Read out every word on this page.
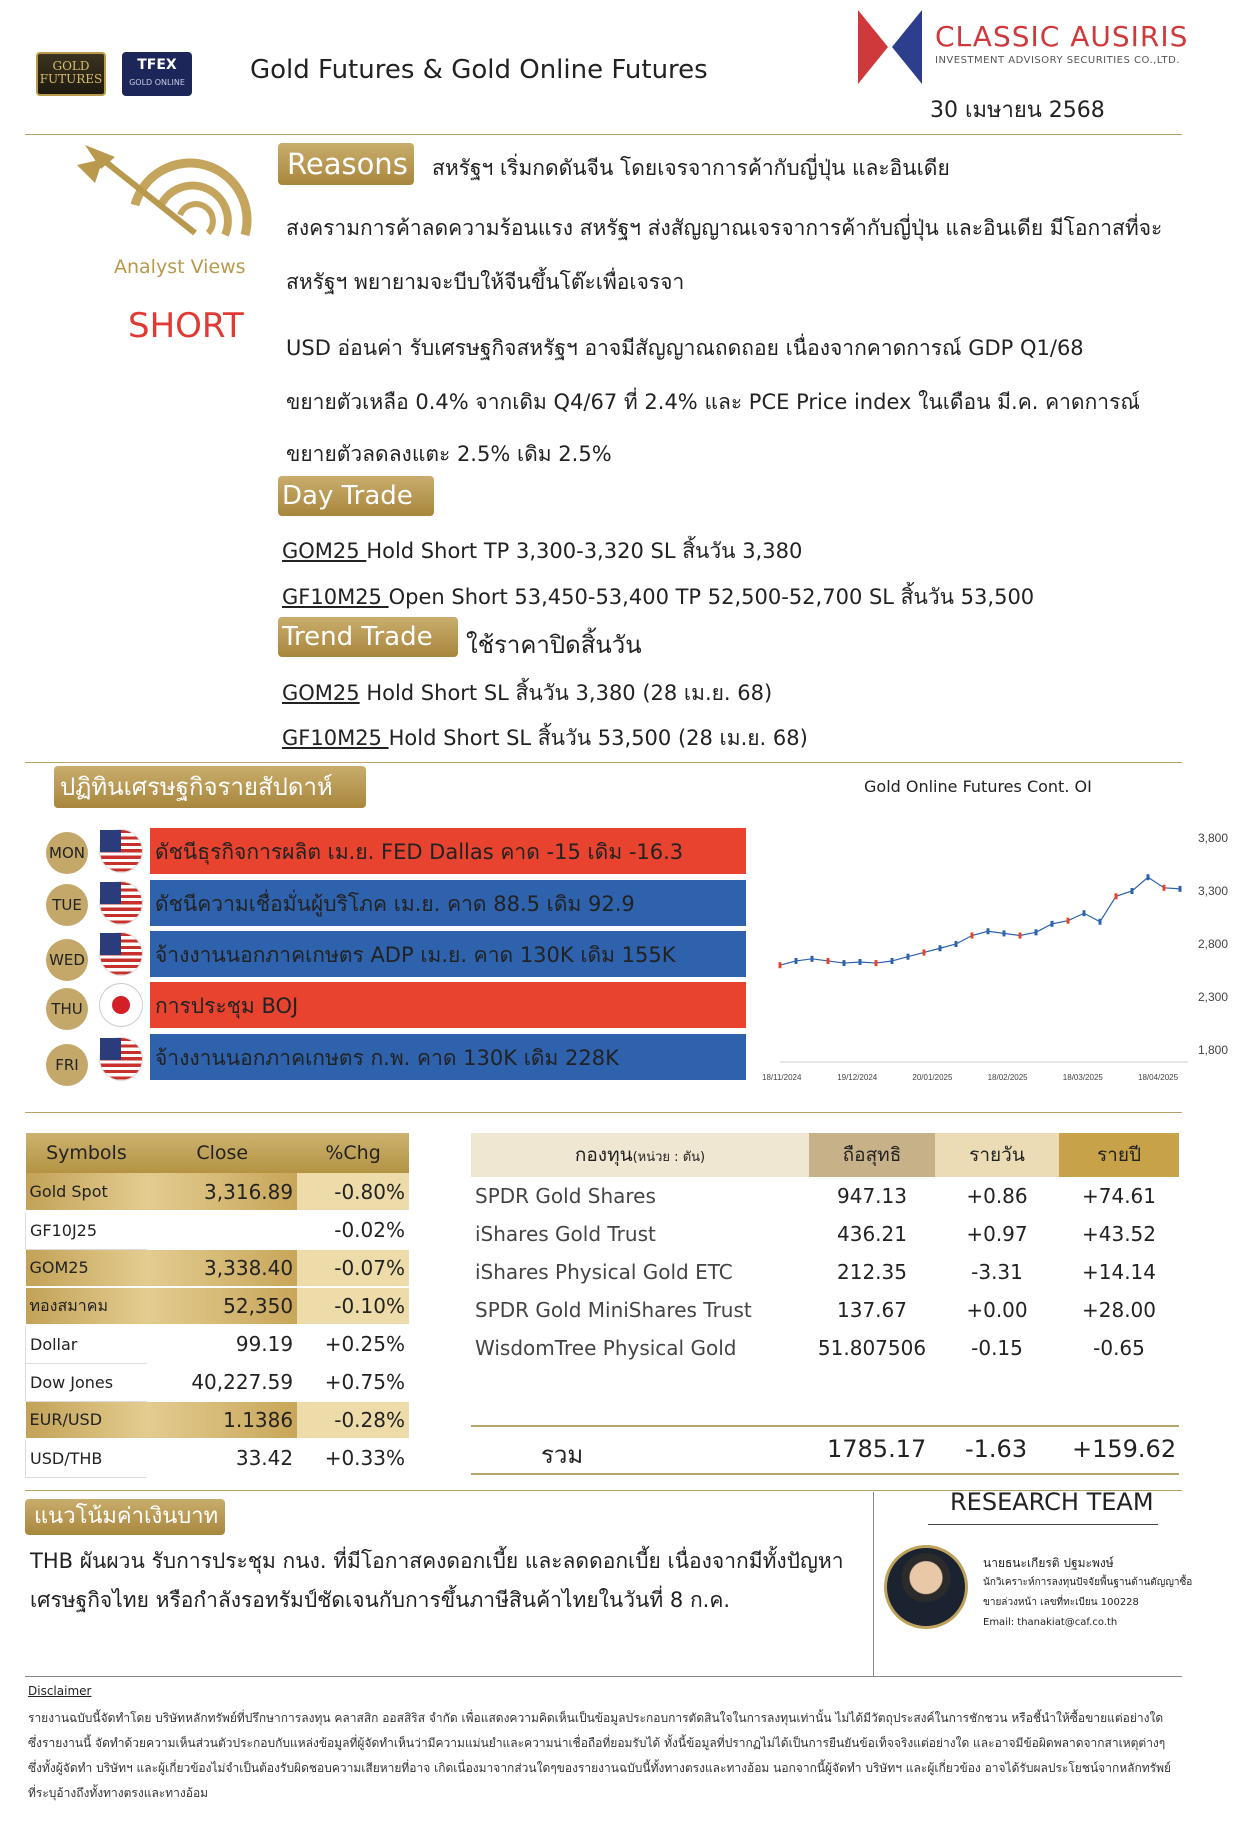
GOLD FUTURES
TFEX
GOLD ONLINE	Gold Futures & Gold Online Futures
CLASSIC AUSIRIS
INVESTMENT ADVISORY SECURITIES CO.,LTD.
30 เมษายน 2568
Analyst Views
SHORT
Reasons สหรัฐฯ เริ่มกดดันจีน โดยเจรจาการค้ากับญี่ปุ่น และอินเดีย
สงครามการค้าลดความร้อนแรง สหรัฐฯ ส่งสัญญาณเจรจาการค้ากับญี่ปุ่น และอินเดีย มีโอกาสที่จะ
สหรัฐฯ พยายามจะบีบให้จีนขึ้นโต๊ะเพื่อเจรจา
USD อ่อนค่า รับเศรษฐกิจสหรัฐฯ อาจมีสัญญาณถดถอย เนื่องจากคาดการณ์ GDP Q1/68
ขยายตัวเหลือ 0.4% จากเดิม Q4/67 ที่ 2.4% และ PCE Price index ในเดือน มี.ค. คาดการณ์
ขยายตัวลดลงแตะ 2.5% เดิม 2.5%
Day Trade
GOM25 Hold Short TP 3,300-3,320 SL สิ้นวัน 3,380
GF10M25 Open Short 53,450-53,400 TP 52,500-52,700 SL สิ้นวัน 53,500
Trend Trade	ใช้ราคาปิดสิ้นวัน
GOM25 Hold Short SL สิ้นวัน 3,380 (28 เม.ย. 68)
GF10M25 Hold Short SL สิ้นวัน 53,500 (28 เม.ย. 68)
ปฏิทินเศรษฐกิจรายสัปดาห์
MON	ดัชนีธุรกิจการผลิต เม.ย. FED Dallas คาด -15 เดิม -16.3
TUE	ดัชนีความเชื่อมั่นผู้บริโภค เม.ย. คาด 88.5 เดิม 92.9
WED	จ้างงานนอกภาคเกษตร ADP เม.ย. คาด 130K เดิม 155K
THU	การประชุม BOJ
FRI	จ้างงานนอกภาคเกษตร ก.พ. คาด 130K เดิม 228K
Gold Online Futures Cont. OI
3,800
3,300
2,800
2,300
1,800
18/11/2024	19/12/2024	20/01/2025	18/02/2025	18/03/2025	18/04/2025
Symbols	Close	%Chg
Gold Spot	3,316.89	-0.80%
GF10J25		-0.02%
GOM25	3,338.40	-0.07%
ทองสมาคม	52,350	-0.10%
Dollar	99.19	+0.25%
Dow Jones	40,227.59	+0.75%
EUR/USD	1.1386	-0.28%
USD/THB	33.42	+0.33%
กองทุน(หน่วย : ตัน)	ถือสุทธิ	รายวัน	รายปี
SPDR Gold Shares	947.13	+0.86	+74.61
iShares Gold Trust	436.21	+0.97	+43.52
iShares Physical Gold ETC	212.35	-3.31	+14.14
SPDR Gold MiniShares Trust	137.67	+0.00	+28.00
WisdomTree Physical Gold	51.807506	-0.15	-0.65
รวม	1785.17 -1.63 +159.62
แนวโน้มค่าเงินบาท
THB ผันผวน รับการประชุม กนง. ที่มีโอกาสคงดอกเบี้ย และลดดอกเบี้ย เนื่องจากมีทั้งปัญหา
เศรษฐกิจไทย หรือกำลังรอทรัมป์ชัดเจนกับการขึ้นภาษีสินค้าไทยในวันที่ 8 ก.ค.
RESEARCH TEAM
นายธนะเกียรติ ปฐมะพงษ์
นักวิเคราะห์การลงทุนปัจจัยพื้นฐานด้านตัญญาซื้อ
ขายล่วงหน้า เลขที่ทะเบียน 100228
Email: thanakiat@caf.co.th
Disclaimer
รายงานฉบับนี้จัดทำโดย บริษัทหลักทรัพย์ที่ปรึกษาการลงทุน คลาสสิก ออสสิริส จำกัด เพื่อแสดงความคิดเห็นเป็นข้อมูลประกอบการตัดสินใจในการลงทุนเท่านั้น ไม่ได้มีวัตถุประสงค์ในการชักชวน หรือชี้นำให้ซื้อขายแต่อย่างใด ซึ่งรายงานนี้ จัดทำด้วยความเห็นส่วนตัวประกอบกับแหล่งข้อมูลที่ผู้จัดทำเห็นว่ามีความแม่นยำและความน่าเชื่อถือที่ยอมรับได้ ทั้งนี้ข้อมูลที่ปรากฏไม่ได้เป็นการยืนยันข้อเท็จจริงแต่อย่างใด และอาจมีข้อผิดพลาดจากสาเหตุต่างๆ ซึ่งทั้งผู้จัดทำ บริษัทฯ และผู้เกี่ยวข้องไม่จำเป็นต้องรับผิดชอบความเสียหายที่อาจ เกิดเนื่องมาจากส่วนใดๆของรายงานฉบับนี้ทั้งทางตรงและทางอ้อม นอกจากนี้ผู้จัดทำ บริษัทฯ และผู้เกี่ยวข้อง อาจได้รับผลประโยชน์จากหลักทรัพย์ที่ระบุอ้างถึงทั้งทางตรงและทางอ้อม
